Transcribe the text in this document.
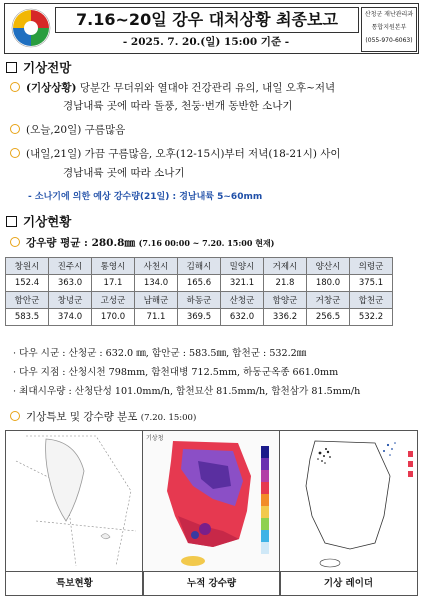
7.16~20일 강우 대처상황 최종보고
- 2025. 7. 20.(일) 15:00 기준 -
산청군 재난관리과
통합지원본부
(055-970-6063)
기상전망
(기상상황) 당분간 무더위와 열대야 건강관리 유의, 내일 오후~저녁
경남내륙 곳에 따라 돌풍, 천둥·번개 동반한 소나기
(오늘,20일) 구름많음
(내일,21일) 가끔 구름많음, 오후(12-15시)부터 저녁(18-21시) 사이
경남내륙 곳에 따라 소나기
- 소나기에 의한 예상 강수량(21일) : 경남내륙 5~60mm
기상현황
강우량 평균 : 280.8㎜ (7.16 00:00 ~ 7.20. 15:00 현재)
창원시	진주시	통영시	사천시	김해시	밀양시	거제시	양산시	의령군
152.4	363.0	17.1	134.0	165.6	321.1	21.8	180.0	375.1
함안군	창녕군	고성군	남해군	하동군	산청군	함양군	거창군	합천군
583.5	374.0	170.0	71.1	369.5	632.0	336.2	256.5	532.2
· 다우 시군 : 산청군 : 632.0 ㎜, 함안군 : 583.5㎜, 합천군 : 532.2㎜
· 다우 지점 : 산청시천 798mm, 함천대병 712.5mm, 하동군옥종 661.0mm
· 최대시우량 : 산청단성 101.0mm/h, 합천묘산 81.5mm/h, 합천삼가 81.5mm/h
기상특보 및 강수량 분포 (7.20. 15:00)
특보현황
기상청
누적 강수량	기상 레이더
